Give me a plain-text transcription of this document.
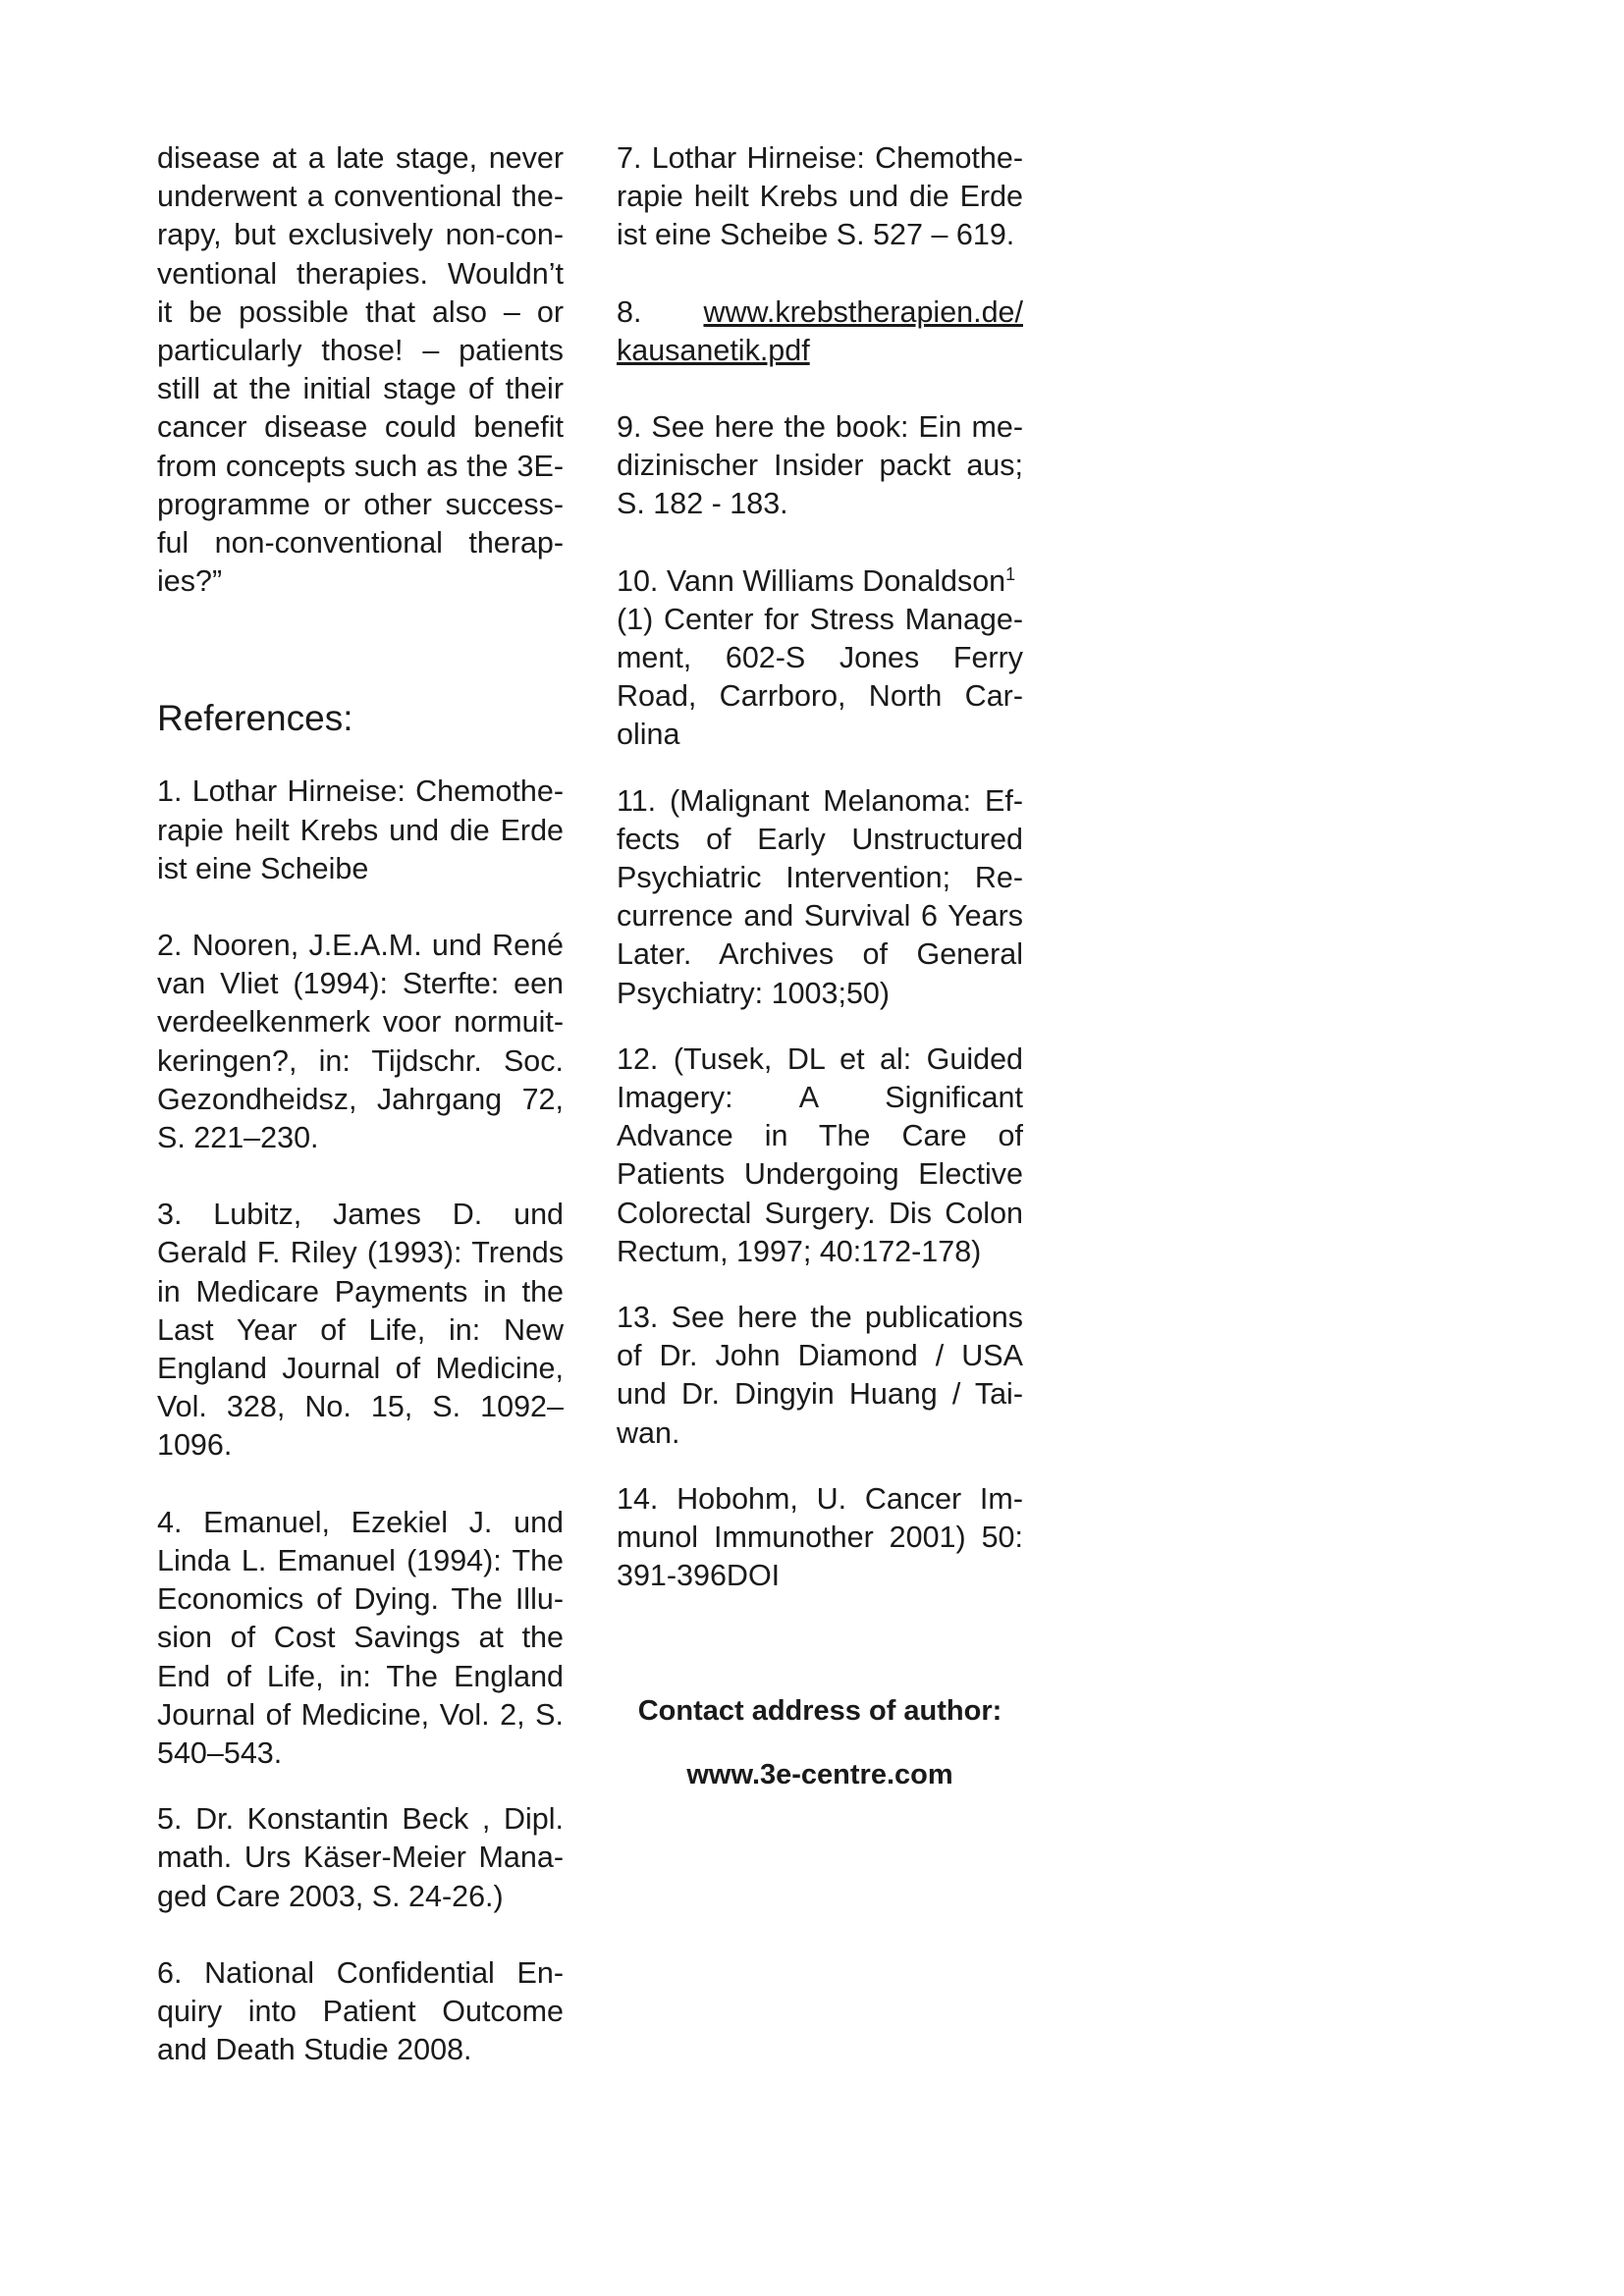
disease at a late stage, never underwent a conventional therapy, but exclusively non-conventional therapies. Wouldn’t it be possible that also – or particularly those! – patients still at the initial stage of their cancer disease could benefit from concepts such as the 3E-programme or other successful non-conventional therapies?”

References:

1. Lothar Hirneise: Chemotherapie heilt Krebs und die Erde ist eine Scheibe

2. Nooren, J.E.A.M. und René van Vliet (1994): Sterfte: een verdeelkenmerk voor normuitkeringen?, in: Tijdschr. Soc. Gezondheidsz, Jahrgang 72, S. 221–230.

3. Lubitz, James D. und Gerald F. Riley (1993): Trends in Medicare Payments in the Last Year of Life, in: New England Journal of Medicine, Vol. 328, No. 15, S. 1092–1096.

4. Emanuel, Ezekiel J. und Linda L. Emanuel (1994): The Economics of Dying. The Illusion of Cost Savings at the End of Life, in: The England Journal of Medicine, Vol. 2, S. 540–543.

5. Dr. Konstantin Beck , Dipl. math. Urs Käser-Meier Managed Care 2003, S. 24-26.)

6. National Confidential Enquiry into Patient Outcome and Death Studie 2008.

7. Lothar Hirneise: Chemotherapie heilt Krebs und die Erde ist eine Scheibe S. 527 – 619.

8. www.krebstherapien.de/ kausanetik.pdf

9. See here the book: Ein medizinischer Insider packt aus; S. 182 - 183.

10. Vann Williams Donaldson$^1$
(1) Center for Stress Management, 602-S Jones Ferry Road, Carrboro, North Carolina

11. (Malignant Melanoma: Effects of Early Unstructured Psychiatric Intervention; Recurrence and Survival 6 Years Later. Archives of General Psychiatry: 1003;50)

12. (Tusek, DL et al: Guided Imagery: A Significant Advance in The Care of Patients Undergoing Elective Colorectal Surgery. Dis Colon Rectum, 1997; 40:172-178)

13. See here the publications of Dr. John Diamond / USA und Dr. Dingyin Huang / Taiwan.

14. Hobohm, U. Cancer Immunol Immunother 2001) 50: 391-396DOI

Contact address of author:
www.3e-centre.com
